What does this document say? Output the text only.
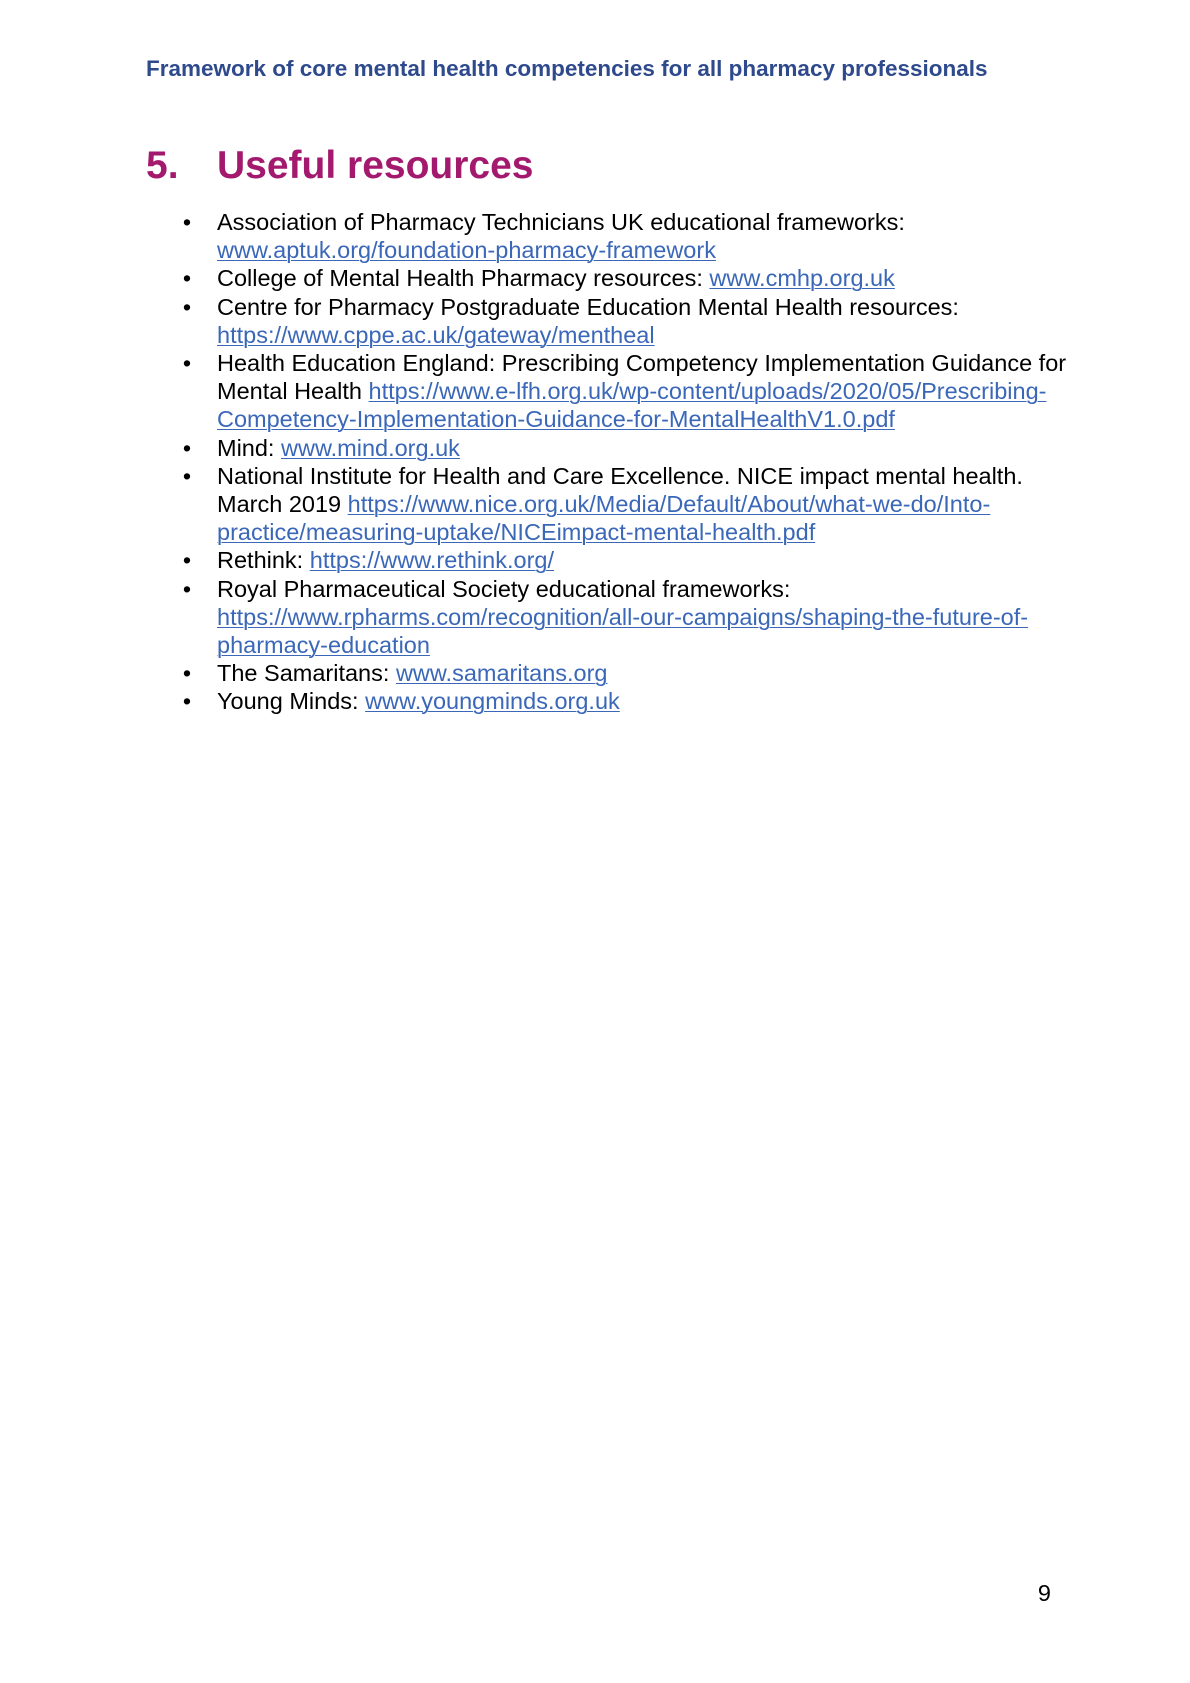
Framework of core mental health competencies for all pharmacy professionals
5. Useful resources
• Association of Pharmacy Technicians UK educational frameworks:
www.aptuk.org/foundation-pharmacy-framework
• College of Mental Health Pharmacy resources: www.cmhp.org.uk
• Centre for Pharmacy Postgraduate Education Mental Health resources:
https://www.cppe.ac.uk/gateway/mentheal
• Health Education England: Prescribing Competency Implementation Guidance for Mental Health https://www.e-lfh.org.uk/wp-content/uploads/2020/05/Prescribing-Competency-Implementation-Guidance-for-MentalHealthV1.0.pdf
• Mind: www.mind.org.uk
• National Institute for Health and Care Excellence. NICE impact mental health. March 2019 https://www.nice.org.uk/Media/Default/About/what-we-do/Into-practice/measuring-uptake/NICEimpact-mental-health.pdf
• Rethink: https://www.rethink.org/
• Royal Pharmaceutical Society educational frameworks:
https://www.rpharms.com/recognition/all-our-campaigns/shaping-the-future-of-pharmacy-education
• The Samaritans: www.samaritans.org
• Young Minds: www.youngminds.org.uk
9
